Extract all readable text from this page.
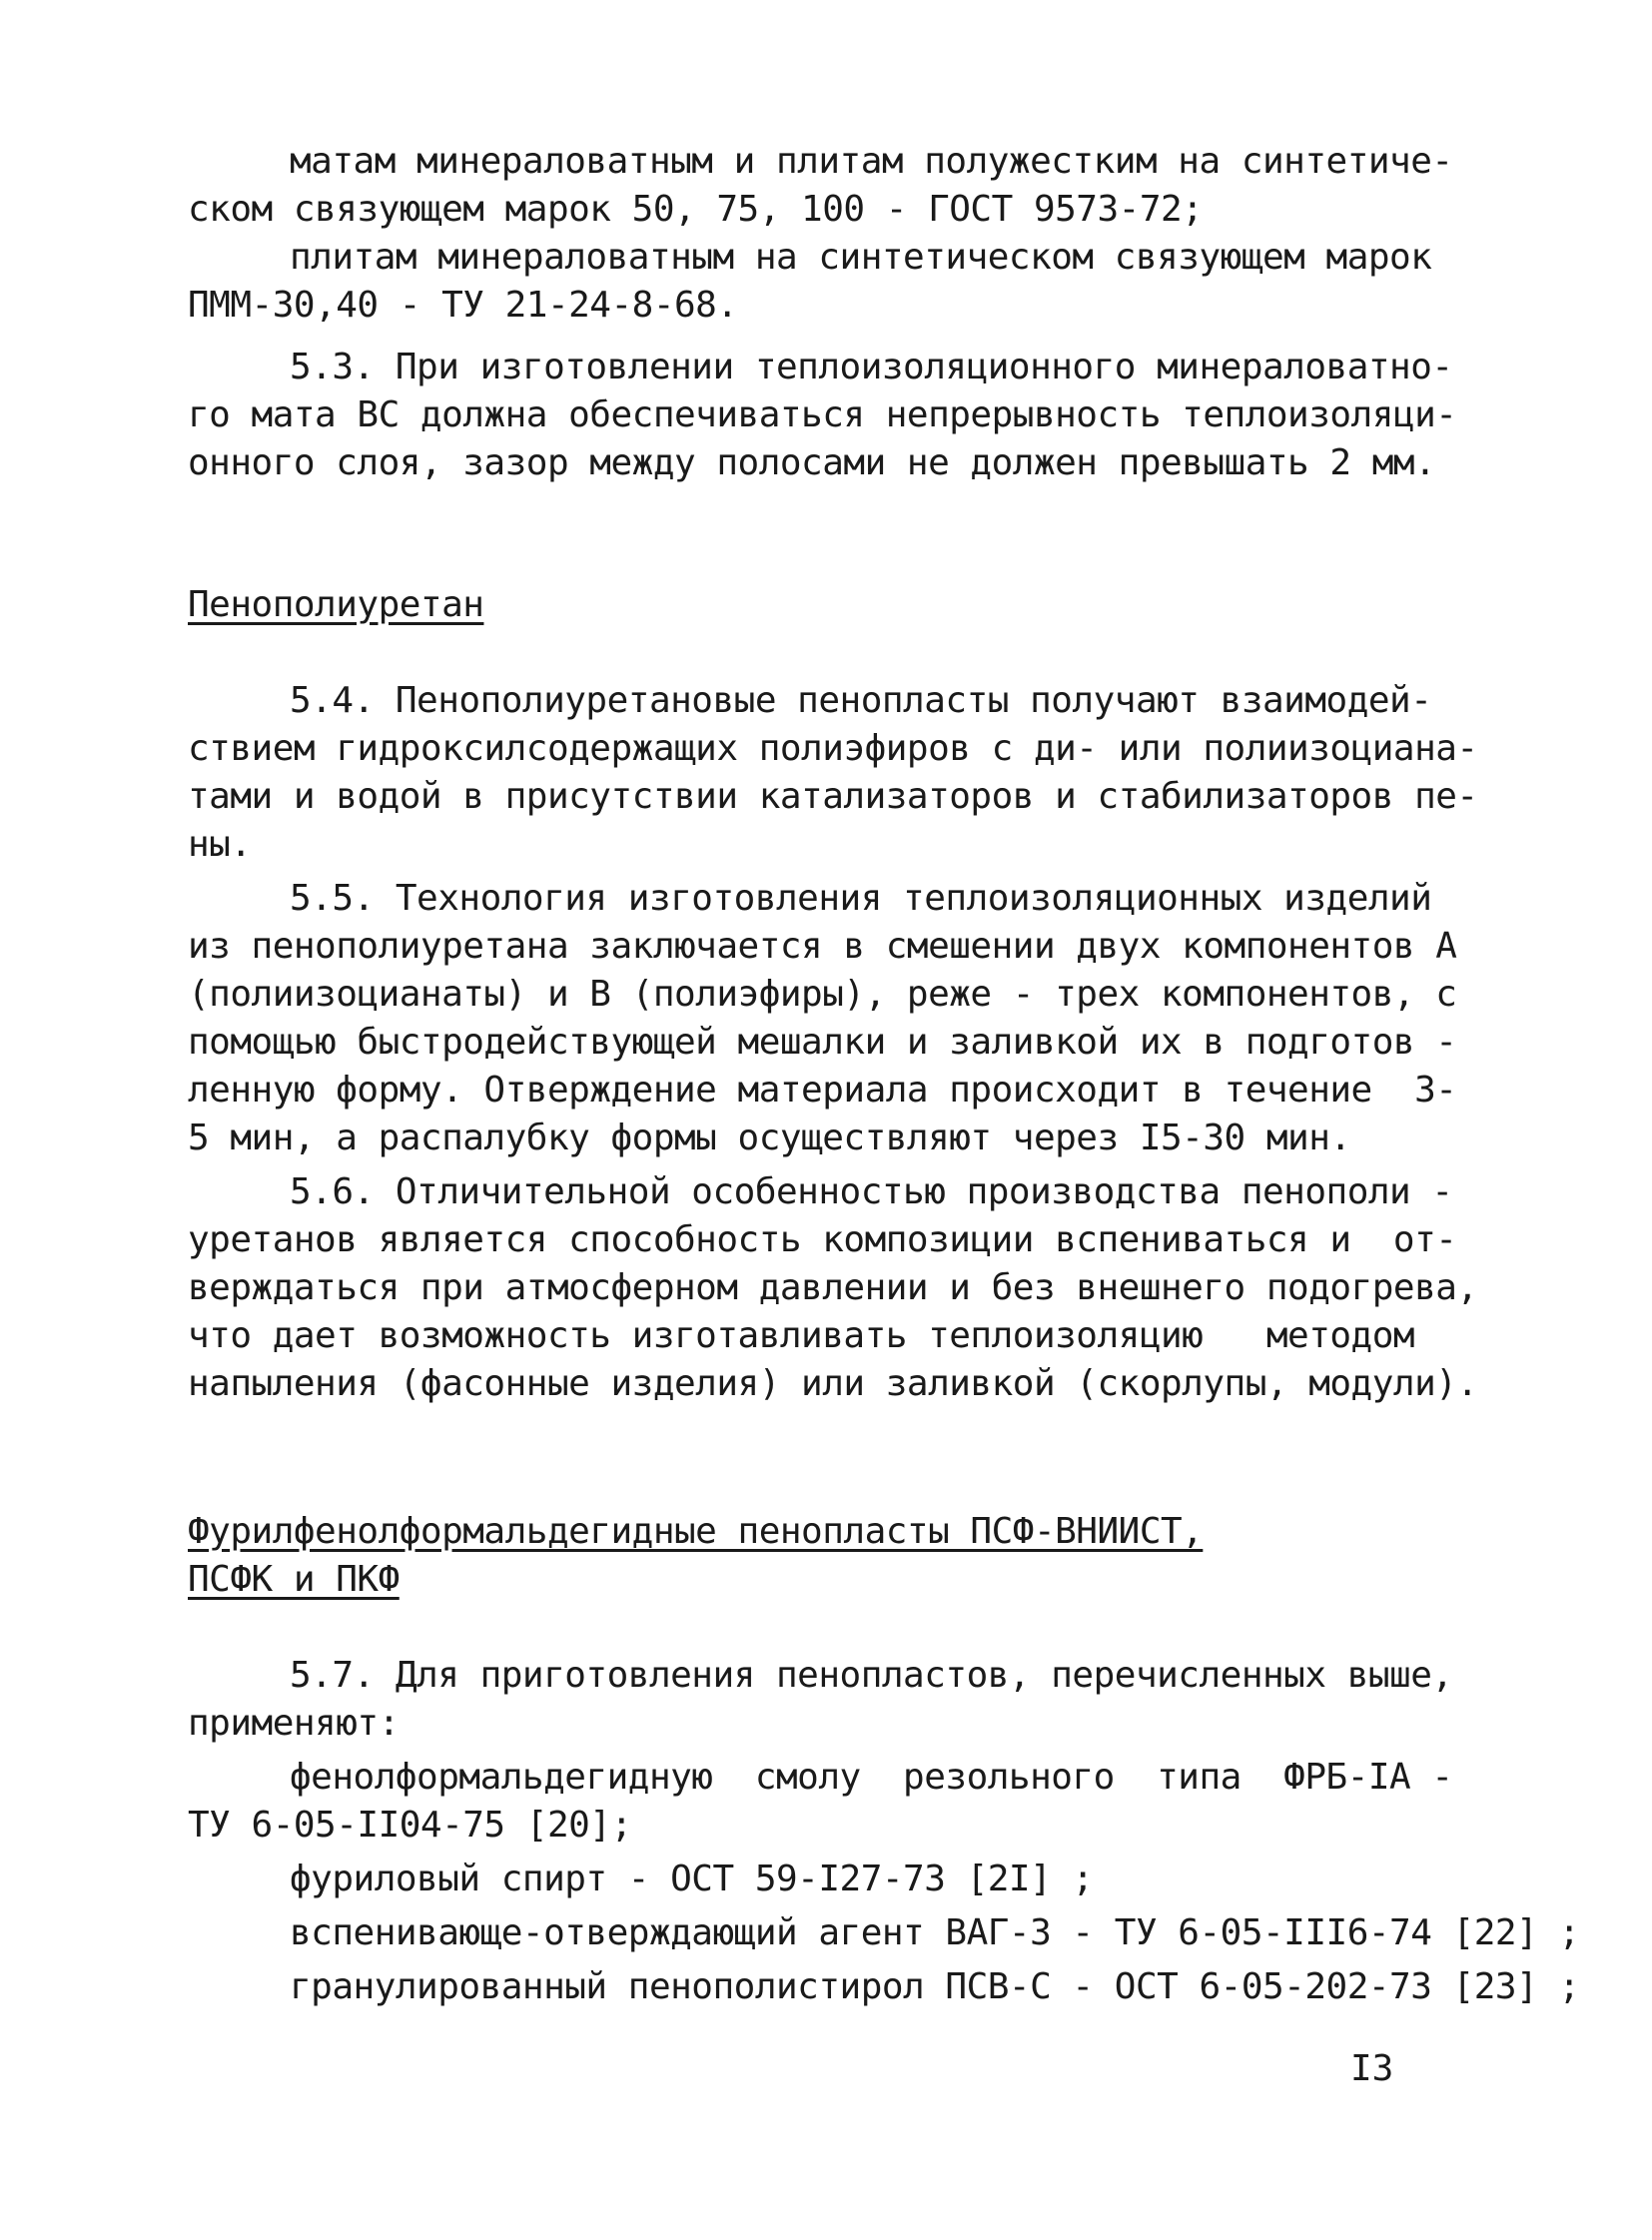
матам минераловатным и плитам полужестким на синтетиче-

ском связующем марок 50, 75, 100 - ГОСТ 9573-72;

плитам минераловатным на синтетическом связующем марок

ПММ-30,40 - ТУ 21-24-8-68.

5.3. При изготовлении теплоизоляционного минераловатно-

го мата ВС должна обеспечиваться непрерывность теплоизоляци-

онного слоя, зазор между полосами не должен превышать 2 мм.

Пенополиуретан

5.4. Пенополиуретановые пенопласты получают взаимодей-

ствием гидроксилсодержащих полиэфиров с ди- или полиизоциана-

тами и водой в присутствии катализаторов и стабилизаторов пе-

ны.

5.5. Технология изготовления теплоизоляционных изделий

из пенополиуретана заключается в смешении двух компонентов А

(полиизоцианаты) и В (полиэфиры), реже - трех компонентов, с

помощью быстродействующей мешалки и заливкой их в подготов -

ленную форму. Отверждение материала происходит в течение  3-

5 мин, а распалубку формы осуществляют через I5-30 мин.

5.6. Отличительной особенностью производства пенополи -

уретанов является способность композиции вспениваться и  от-

верждаться при атмосферном давлении и без внешнего подогрева,

что дает возможность изготавливать теплоизоляцию   методом

напыления (фасонные изделия) или заливкой (скорлупы, модули).

Фурилфенолформальдегидные пенопласты ПСФ-ВНИИСТ,

ПСФК и ПКФ

5.7. Для приготовления пенопластов, перечисленных выше,

применяют:

фенолформальдегидную  смолу  резольного  типа  ФРБ-IA -

ТУ 6-05-II04-75 [20];

фуриловый спирт - ОСТ 59-I27-73 [2I] ;

вспенивающе-отверждающий агент ВАГ-3 - ТУ 6-05-III6-74 [22] ;

гранулированный пенополистирол ПСВ-С - ОСТ 6-05-202-73 [23] ;

I3
